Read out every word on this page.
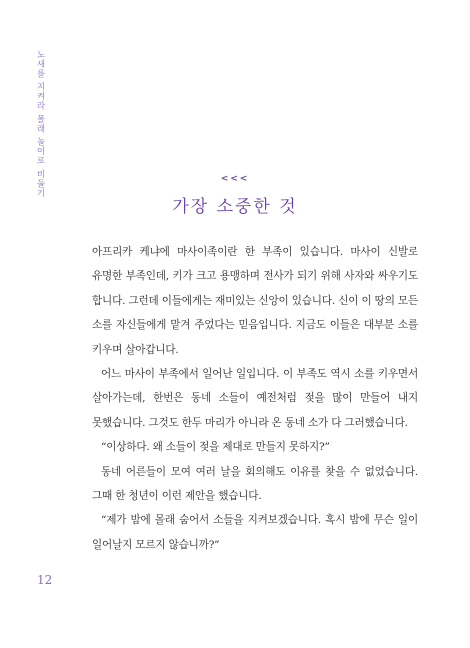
노새를 지켜라 몰래 놀이로 비둘기	<<<
가장 소중한 것

아프리카 케냐에 마사이족이란 한 부족이 있습니다. 마사이 신발로 유명한 부족인데, 키가 크고 용맹하며 전사가 되기 위해 사자와 싸우기도 합니다. 그런데 이들에게는 재미있는 신앙이 있습니다. 신이 이 땅의 모든 소를 자신들에게 맡겨 주었다는 믿음입니다. 지금도 이들은 대부분 소를 키우며 살아갑니다.

어느 마사이 부족에서 일어난 일입니다. 이 부족도 역시 소를 키우면서 살아가는데, 한번은 동네 소들이 예전처럼 젖을 많이 만들어 내지 못했습니다. 그것도 한두 마리가 아니라 온 동네 소가 다 그러했습니다.

“이상하다. 왜 소들이 젖을 제대로 만들지 못하지?”

동네 어른들이 모여 여러 날을 회의해도 이유를 찾을 수 없었습니다. 그때 한 청년이 이런 제안을 했습니다.

“제가 밤에 몰래 숨어서 소들을 지켜보겠습니다. 혹시 밤에 무슨 일이 일어날지 모르지 않습니까?”

12
